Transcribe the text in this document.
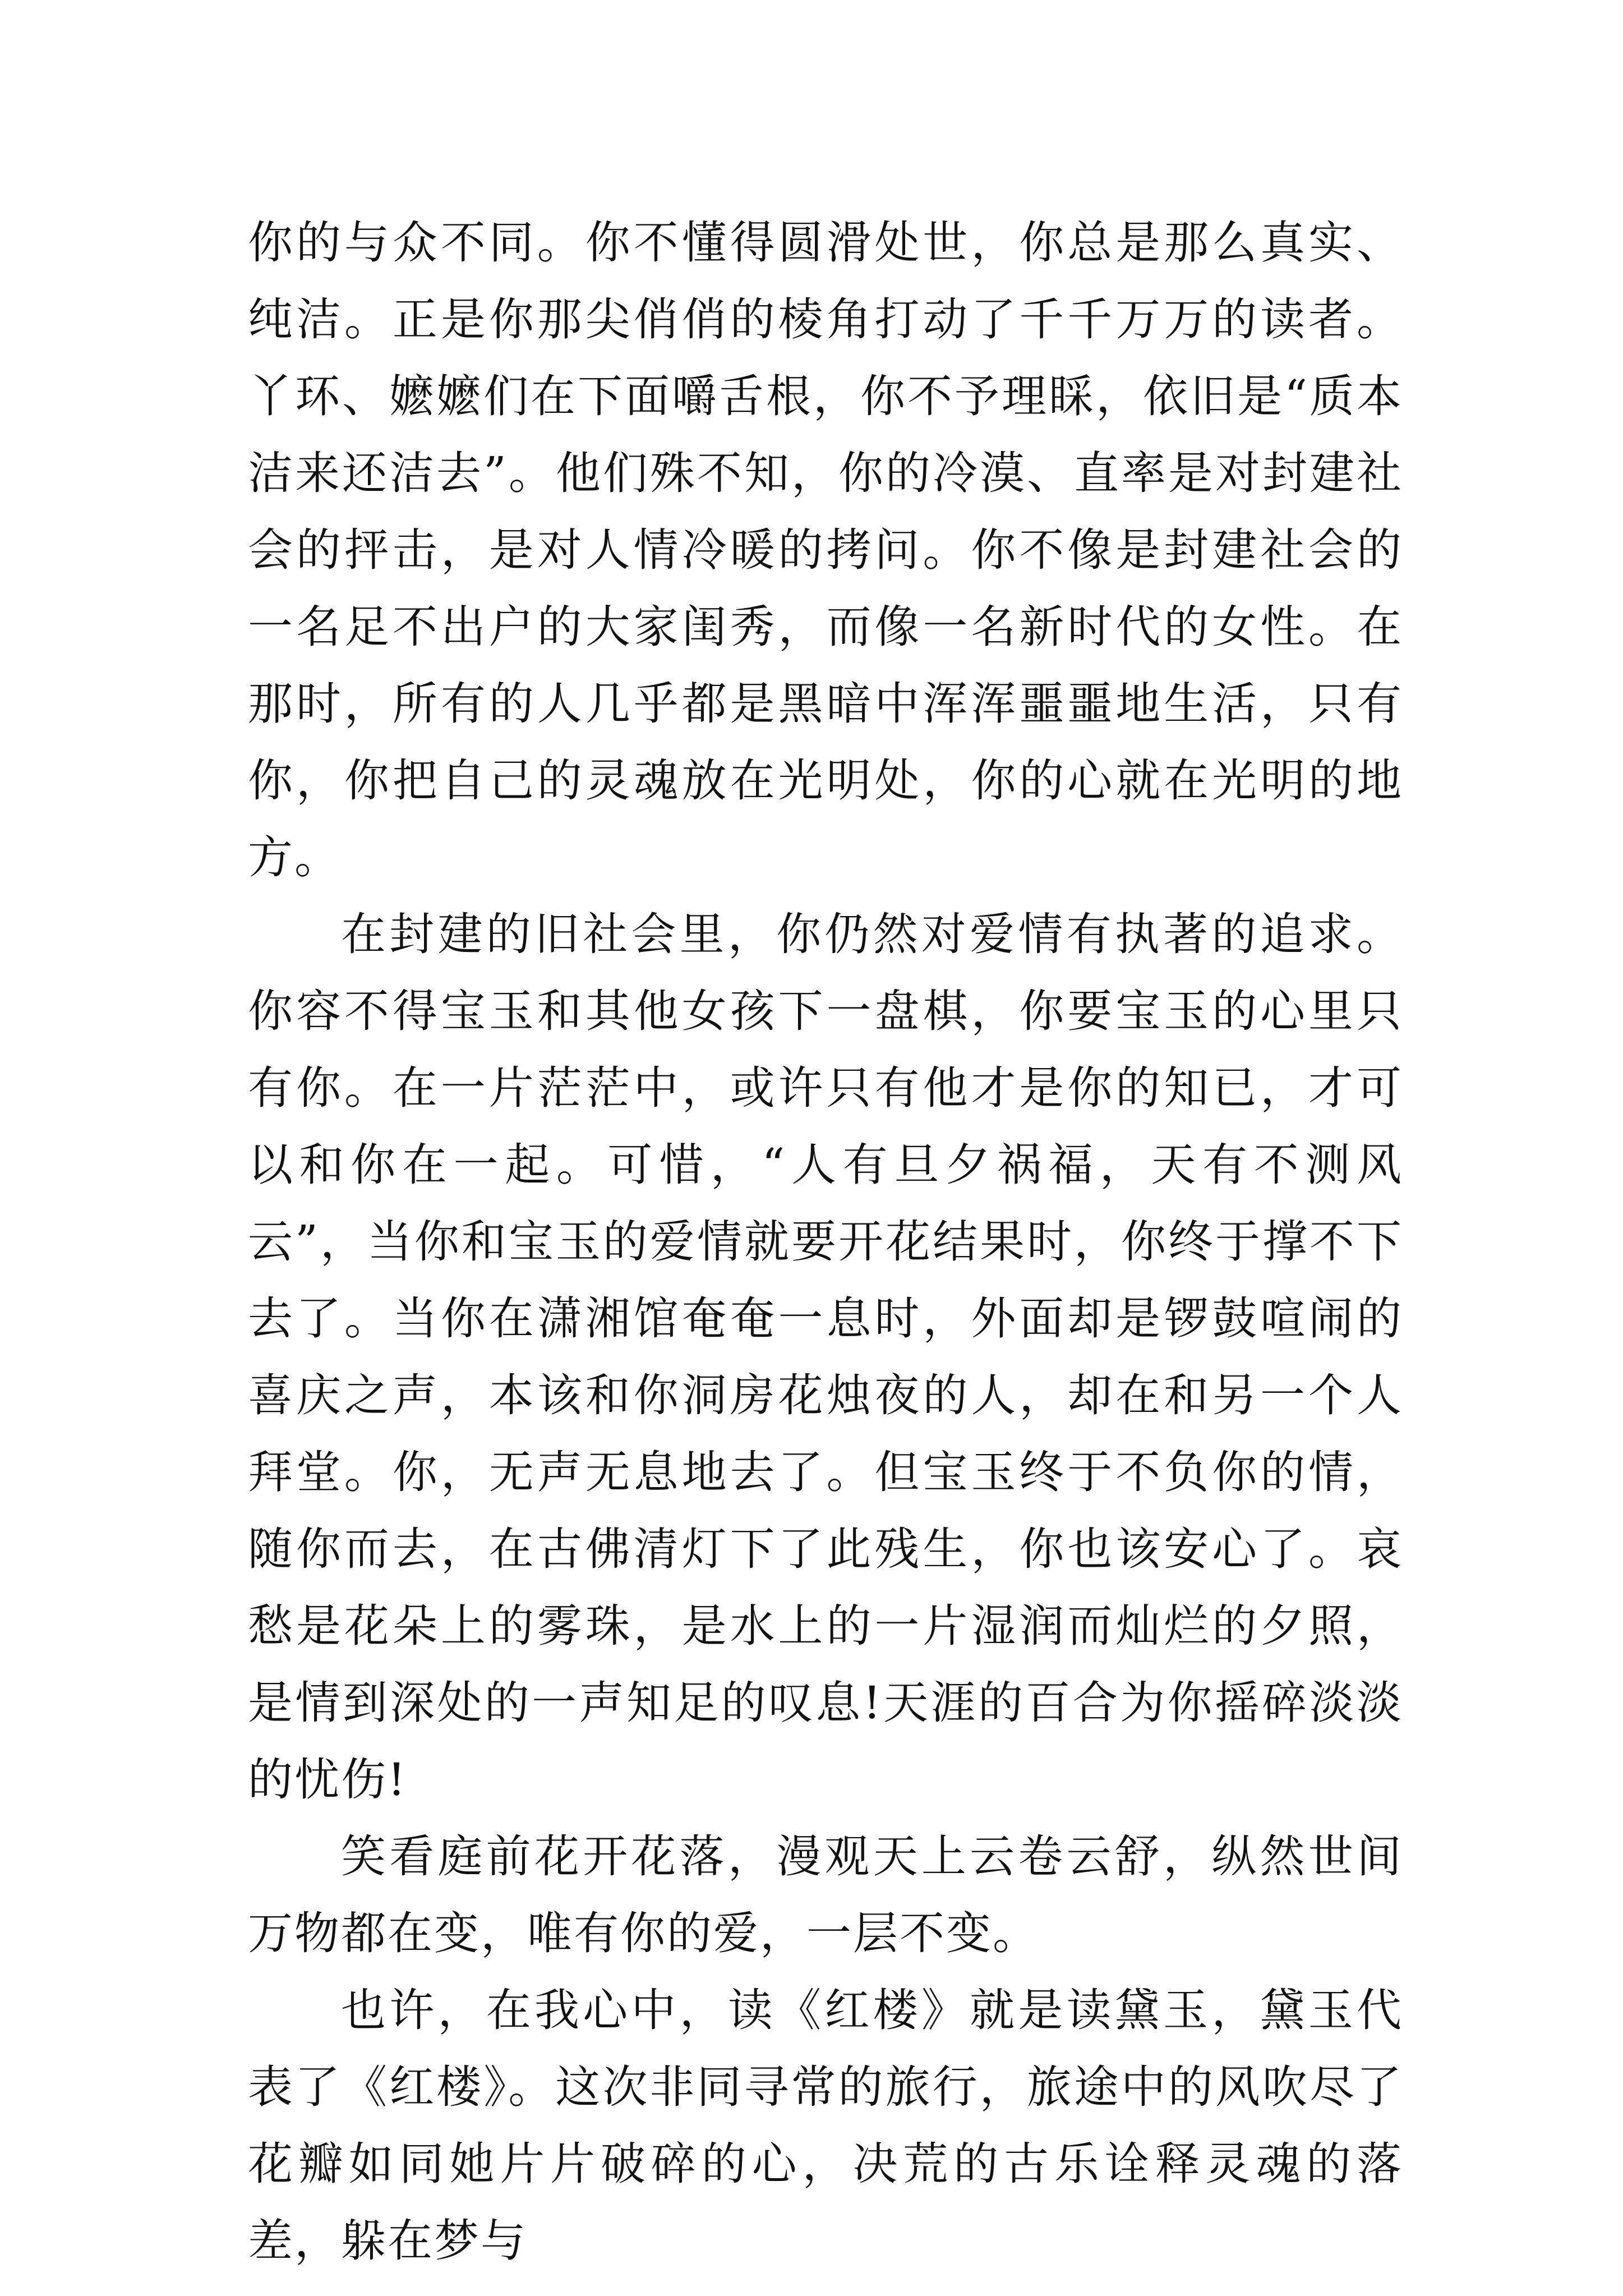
你的与众不同。你不懂得圆滑处世，你总是那么真实、纯洁。正是你那尖俏俏的棱角打动了千千万万的读者。丫环、嬷嬷们在下面嚼舌根，你不予理睬，依旧是“质本洁来还洁去”。他们殊不知，你的冷漠、直率是对封建社会的抨击，是对人情冷暖的拷问。你不像是封建社会的一名足不出户的大家闺秀，而像一名新时代的女性。在那时，所有的人几乎都是黑暗中浑浑噩噩地生活，只有你，你把自己的灵魂放在光明处，你的心就在光明的地方。

在封建的旧社会里，你仍然对爱情有执著的追求。你容不得宝玉和其他女孩下一盘棋，你要宝玉的心里只有你。在一片茫茫中，或许只有他才是你的知已，才可以和你在一起。可惜，“人有旦夕祸福，天有不测风云”，当你和宝玉的爱情就要开花结果时，你终于撑不下去了。当你在潇湘馆奄奄一息时，外面却是锣鼓喧闹的喜庆之声，本该和你洞房花烛夜的人，却在和另一个人拜堂。你，无声无息地去了。但宝玉终于不负你的情，随你而去，在古佛清灯下了此残生，你也该安心了。哀愁是花朵上的雾珠，是水上的一片湿润而灿烂的夕照，是情到深处的一声知足的叹息!天涯的百合为你摇碎淡淡的忧伤!

笑看庭前花开花落，漫观天上云卷云舒，纵然世间万物都在变，唯有你的爱，一层不变。

也许，在我心中，读《红楼》就是读黛玉，黛玉代表了《红楼》。这次非同寻常的旅行，旅途中的风吹尽了花瓣如同她片片破碎的心，决荒的古乐诠释灵魂的落差，躲在梦与
